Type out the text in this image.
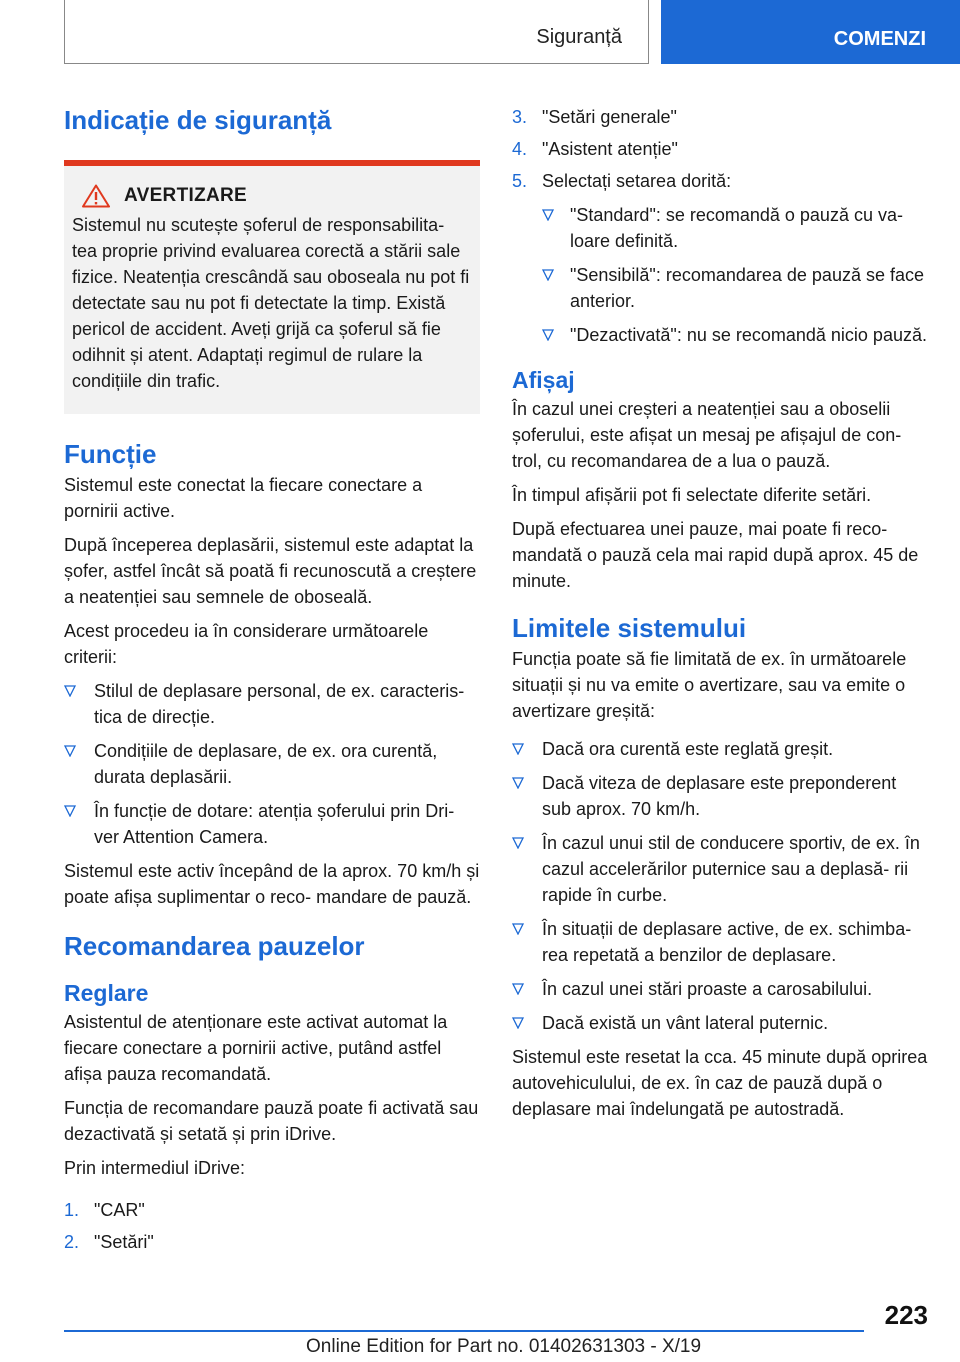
Siguranță	COMENZI
Indicație de siguranță
AVERTIZARE

Sistemul nu scutește șoferul de responsabilita- tea proprie privind evaluarea corectă a stării sale fizice. Neatenția crescândă sau oboseala nu pot fi detectate sau nu pot fi detectate la timp. Există pericol de accident. Aveți grijă ca șoferul să fie odihnit și atent. Adaptați regimul de rulare la condițiile din trafic.

Funcție

Sistemul este conectat la fiecare conectare a pornirii active.

După începerea deplasării, sistemul este adaptat la șofer, astfel încât să poată fi recunoscută a creștere a neatenției sau semnele de oboseală.

Acest procedeu ia în considerare următoarele criterii:

Stilul de deplasare personal, de ex. caracteris- tica de direcție.
Condițiile de deplasare, de ex. ora curentă, durata deplasării.
În funcție de dotare: atenția șoferului prin Dri- ver Attention Camera.

Sistemul este activ începând de la aprox. 70 km/h și poate afișa suplimentar o reco- mandare de pauză.

Recomandarea pauzelor
Reglare

Asistentul de atenționare este activat automat la fiecare conectare a pornirii active, putând astfel afișa pauza recomandată.

Funcția de recomandare pauză poate fi activată sau dezactivată și setată și prin iDrive.

Prin intermediul iDrive:

1. "CAR"
2. "Setări"
3. "Setări generale"
4. "Asistent atenție"
5. Selectați setarea dorită:
"Standard": se recomandă o pauză cu va- loare definită.
"Sensibilă": recomandarea de pauză se face anterior.
"Dezactivată": nu se recomandă nicio pauză.
Afișaj

În cazul unei creșteri a neatenției sau a oboselii șoferului, este afișat un mesaj pe afișajul de con- trol, cu recomandarea de a lua o pauză.

În timpul afișării pot fi selectate diferite setări.

După efectuarea unei pauze, mai poate fi reco- mandată o pauză cela mai rapid după aprox. 45 de minute.

Limitele sistemului

Funcția poate să fie limitată de ex. în următoarele situații și nu va emite o avertizare, sau va emite o avertizare greșită:

Dacă ora curentă este reglată greșit.
Dacă viteza de deplasare este preponderent sub aprox. 70 km/h.
În cazul unui stil de conducere sportiv, de ex. în cazul accelerărilor puternice sau a deplasă- rii rapide în curbe.
În situații de deplasare active, de ex. schimba- rea repetată a benzilor de deplasare.
În cazul unei stări proaste a carosabilului.
Dacă există un vânt lateral puternic.

Sistemul este resetat la cca. 45 minute după oprirea autovehiculului, de ex. în caz de pauză după o deplasare mai îndelungată pe autostradă.

223
Online Edition for Part no. 01402631303 - X/19
